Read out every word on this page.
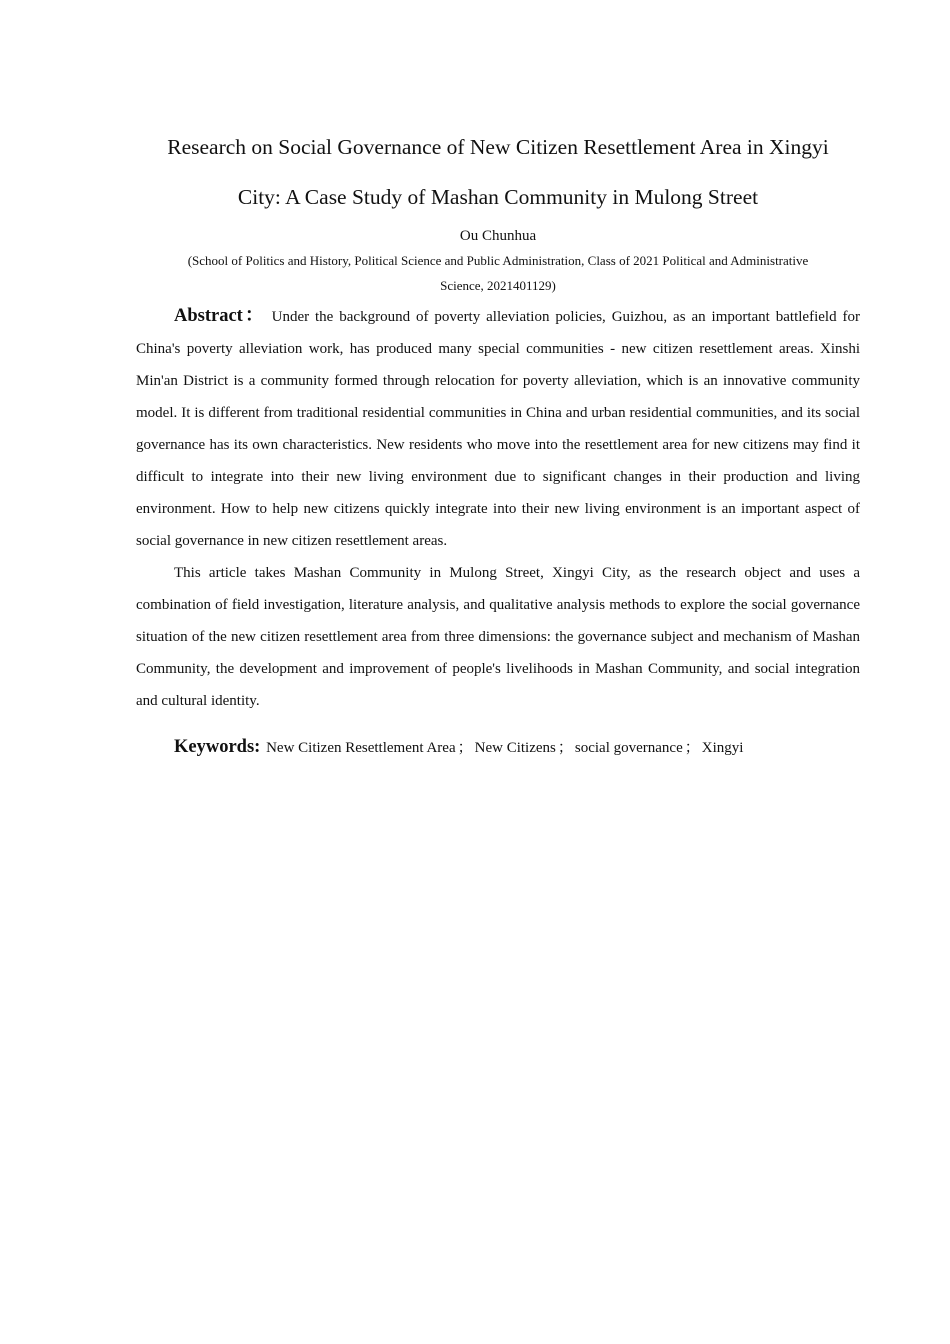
Research on Social Governance of New Citizen Resettlement Area in Xingyi
City: A Case Study of Mashan Community in Mulong Street
Ou Chunhua
(School of Politics and History, Political Science and Public Administration, Class of 2021 Political and Administrative
Science, 2021401129)

Abstract： Under the background of poverty alleviation policies, Guizhou, as an important battlefield for China's poverty alleviation work, has produced many special communities - new citizen resettlement areas. Xinshi Min'an District is a community formed through relocation for poverty alleviation, which is an innovative community model. It is different from traditional residential communities in China and urban residential communities, and its social governance has its own characteristics. New residents who move into the resettlement area for new citizens may find it difficult to integrate into their new living environment due to significant changes in their production and living environment. How to help new citizens quickly integrate into their new living environment is an important aspect of social governance in new citizen resettlement areas.

This article takes Mashan Community in Mulong Street, Xingyi City, as the research object and uses a combination of field investigation, literature analysis, and qualitative analysis methods to explore the social governance situation of the new citizen resettlement area from three dimensions: the governance subject and mechanism of Mashan Community, the development and improvement of people's livelihoods in Mashan Community, and social integration and cultural identity.

Keywords: New Citizen Resettlement Area ； New Citizens ； social governance ； Xingyi
